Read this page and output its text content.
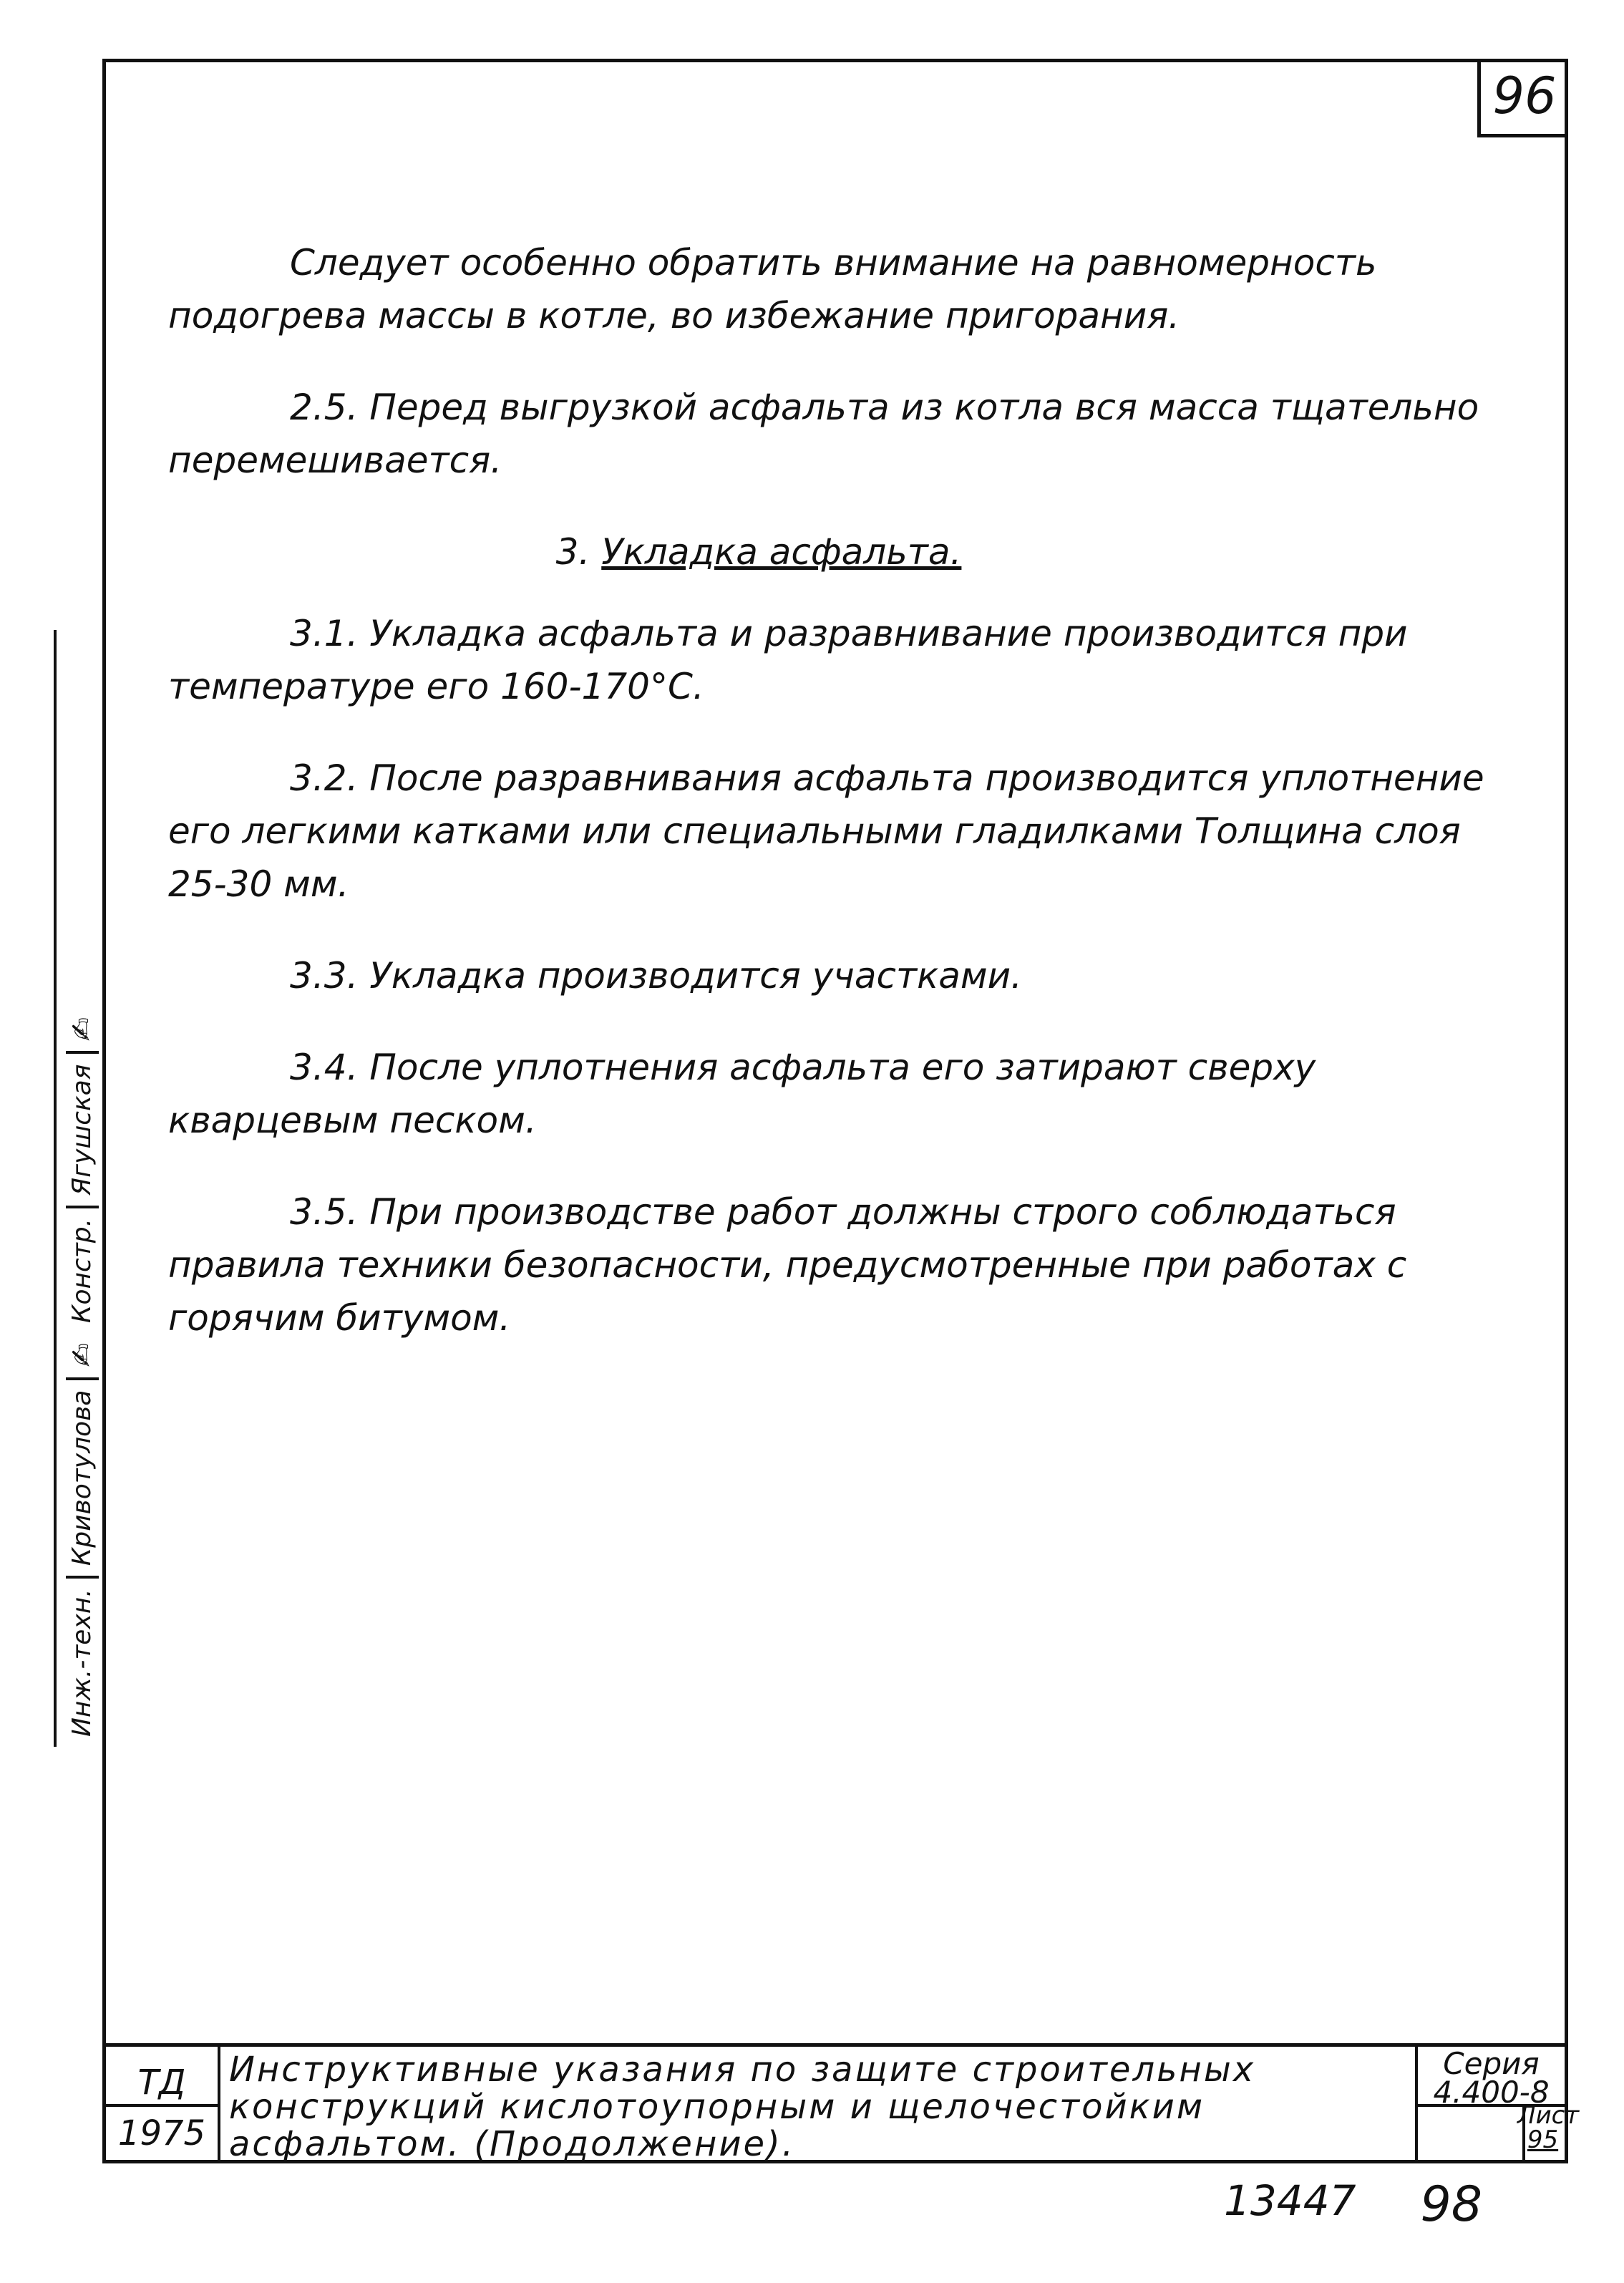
96

Следует особенно обратить внимание на равномерность подогрева массы в котле, во избежание пригорания.

2.5. Перед выгрузкой асфальта из котла вся масса тщательно перемешивается.

3. Укладка асфальта.

3.1. Укладка асфальта и разравнивание производится при температуре его 160-170°С.

3.2. После разравнивания асфальта производится уплотнение его легкими катками или специальными гладилками Толщина слоя 25-30 мм.

3.3. Укладка производится участками.

3.4. После уплотнения асфальта его затирают сверху кварцевым песком.

3.5. При производстве работ должны строго соблюдаться правила техники безопасности, предусмотренные при работах с горячим битумом.

Инж.-техн.
Кривотулова
✍
Констр.
Ягушская
✍
ТД
1975
Инструктивные указания по защите строительных конструкций кислотоупорным и щелочестойким асфальтом. (Продолжение).
Серия
4.400-8
Лист
95
13447 98
